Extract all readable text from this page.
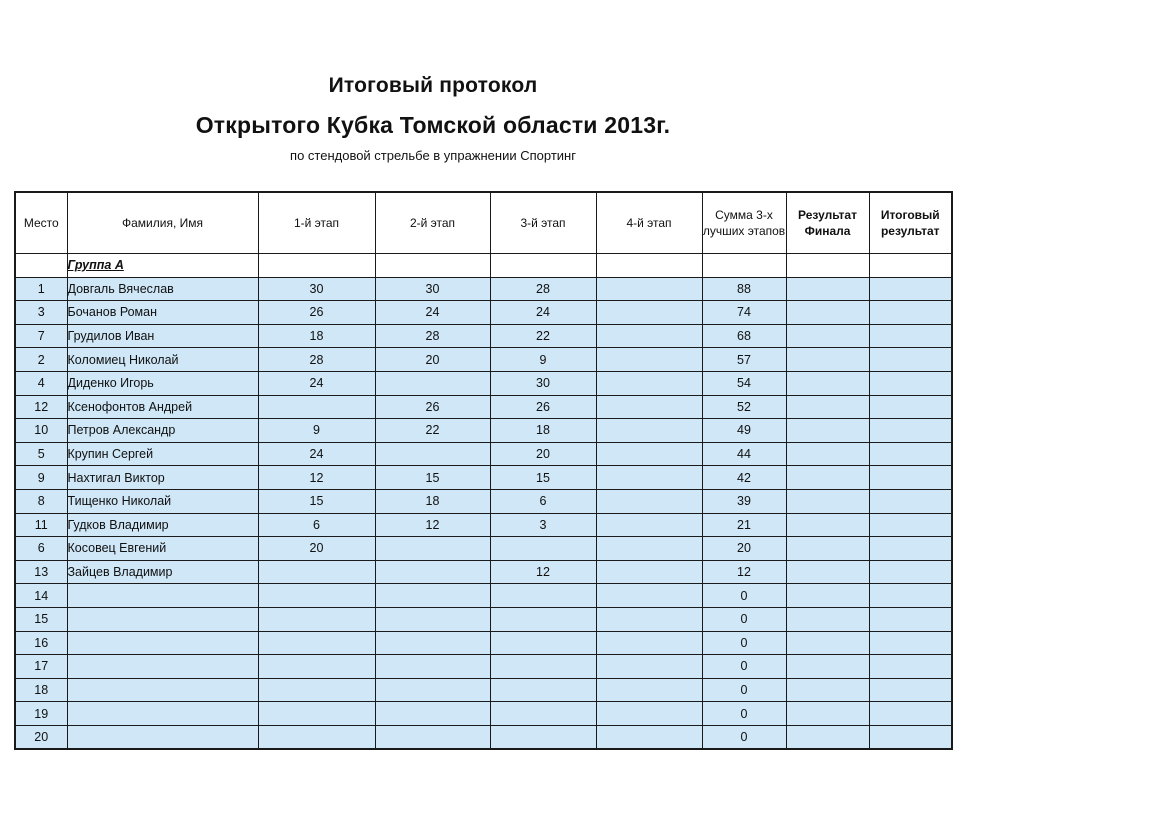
Итоговый протокол
Открытого Кубка Томской области 2013г.
по стендовой стрельбе в упражнении Спортинг
Место	Фамилия, Имя	1-й этап	2-й этап	3-й этап	4-й этап	Сумма 3-х лучших этапов	Результат Финала	Итоговый результат
	Группа А							
1	Довгаль Вячеслав	30	30	28		88		
3	Бочанов Роман	26	24	24		74		
7	Грудилов Иван	18	28	22		68		
2	Коломиец Николай	28	20	9		57		
4	Диденко Игорь	24		30		54		
12	Ксенофонтов Андрей		26	26		52		
10	Петров Александр	9	22	18		49		
5	Крупин Сергей	24		20		44		
9	Нахтигал Виктор	12	15	15		42		
8	Тищенко Николай	15	18	6		39		
11	Гудков Владимир	6	12	3		21		
6	Косовец Евгений	20				20		
13	Зайцев Владимир			12		12		
14						0		
15						0		
16						0		
17						0		
18						0		
19						0		
20						0		
